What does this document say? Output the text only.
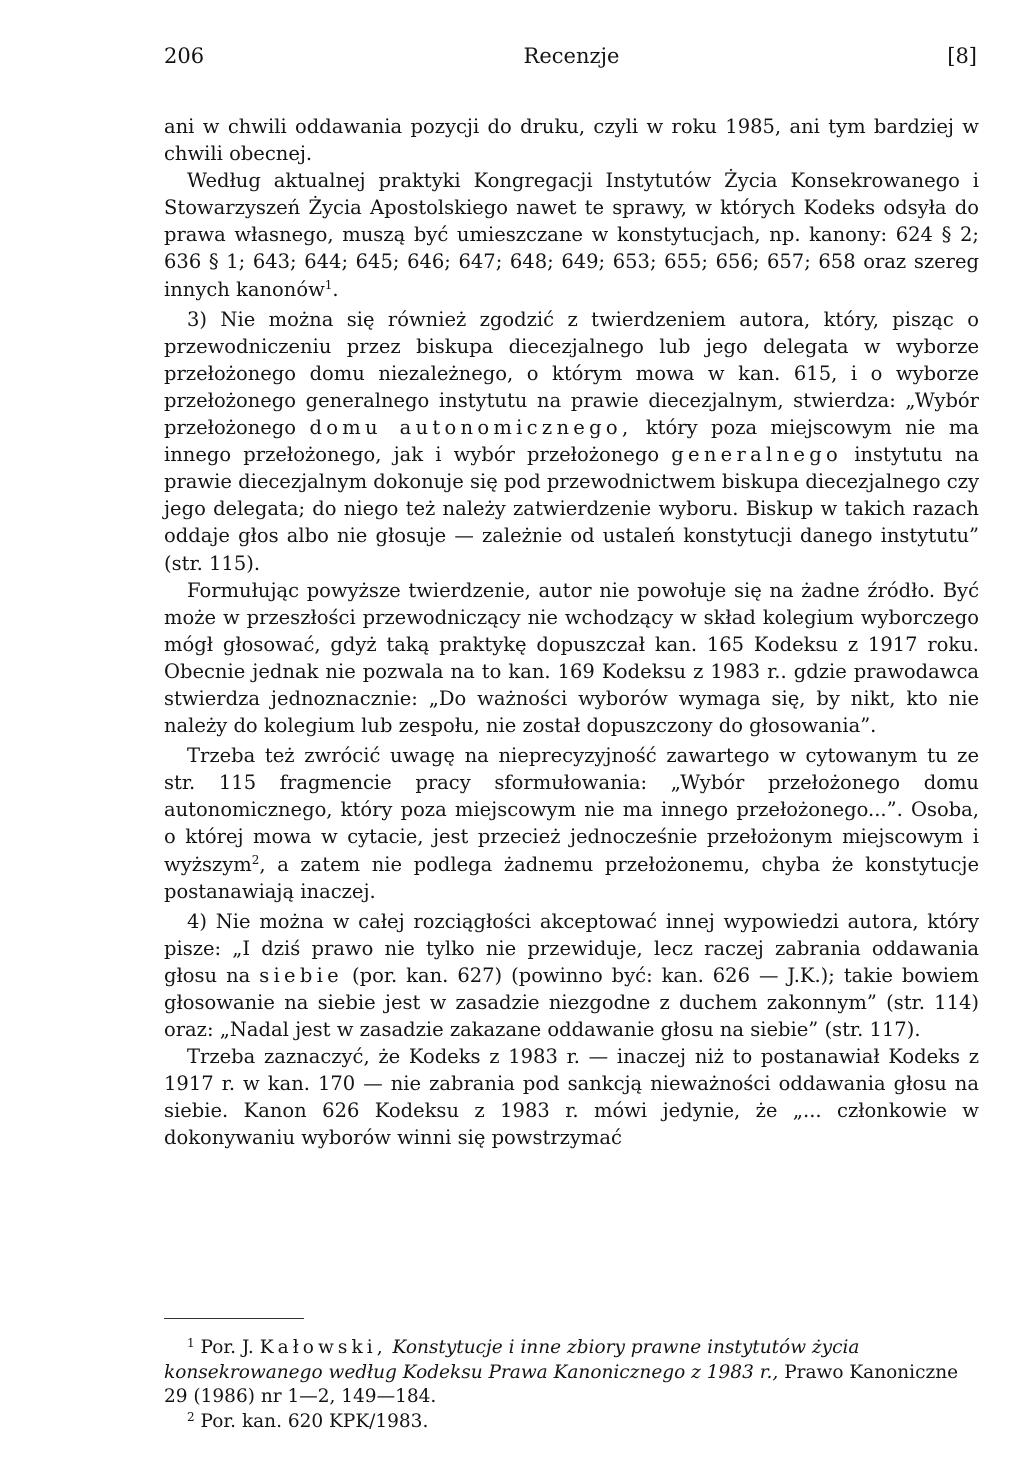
206	Recenzje	[8]

ani w chwili oddawania pozycji do druku, czyli w roku 1985, ani tym bardziej w chwili obecnej.

Według aktualnej praktyki Kongregacji Instytutów Życia Konsekrowanego i Stowarzyszeń Życia Apostolskiego nawet te sprawy, w których Kodeks odsyła do prawa własnego, muszą być umieszczane w konstytucjach, np. kanony: 624 § 2; 636 § 1; 643; 644; 645; 646; 647; 648; 649; 653; 655; 656; 657; 658 oraz szereg innych kanonów$^1$.

3) Nie można się również zgodzić z twierdzeniem autora, który, pisząc o przewodniczeniu przez biskupa diecezjalnego lub jego delegata w wyborze przełożonego domu niezależnego, o którym mowa w kan. 615, i o wyborze przełożonego generalnego instytutu na prawie diecezjalnym, stwierdza: „Wybór przełożonego domu autonomicznego, który poza miejscowym nie ma innego przełożonego, jak i wybór przełożonego generalnego instytutu na prawie diecezjalnym dokonuje się pod przewodnictwem biskupa diecezjalnego czy jego delegata; do niego też należy zatwierdzenie wyboru. Biskup w takich razach oddaje głos albo nie głosuje — zależnie od ustaleń konstytucji danego instytutu” (str. 115).

Formułując powyższe twierdzenie, autor nie powołuje się na żadne źródło. Być może w przeszłości przewodniczący nie wchodzący w skład kolegium wyborczego mógł głosować, gdyż taką praktykę dopuszczał kan. 165 Kodeksu z 1917 roku. Obecnie jednak nie pozwala na to kan. 169 Kodeksu z 1983 r.. gdzie prawodawca stwierdza jednoznacznie: „Do ważności wyborów wymaga się, by nikt, kto nie należy do kolegium lub zespołu, nie został dopuszczony do głosowania”.

Trzeba też zwrócić uwagę na nieprecyzyjność zawartego w cytowanym tu ze str. 115 fragmencie pracy sformułowania: „Wybór przełożonego domu autonomicznego, który poza miejscowym nie ma innego przełożonego...”. Osoba, o której mowa w cytacie, jest przecież jednocześnie przełożonym miejscowym i wyższym$^2$, a zatem nie podlega żadnemu przełożonemu, chyba że konstytucje postanawiają inaczej.

4) Nie można w całej rozciągłości akceptować innej wypowiedzi autora, który pisze: „I dziś prawo nie tylko nie przewiduje, lecz raczej zabrania oddawania głosu na siebie (por. kan. 627) (powinno być: kan. 626 — J.K.); takie bowiem głosowanie na siebie jest w zasadzie niezgodne z duchem zakonnym” (str. 114) oraz: „Nadal jest w zasadzie zakazane oddawanie głosu na siebie” (str. 117).

Trzeba zaznaczyć, że Kodeks z 1983 r. — inaczej niż to postanawiał Kodeks z 1917 r. w kan. 170 — nie zabrania pod sankcją nieważności oddawania głosu na siebie. Kanon 626 Kodeksu z 1983 r. mówi jedynie, że „... członkowie w dokonywaniu wyborów winni się powstrzymać

$^1$ Por. J. Kałowski, Konstytucje i inne zbiory prawne instytutów życia konsekrowanego według Kodeksu Prawa Kanonicznego z 1983 r., Prawo Kanoniczne 29 (1986) nr 1—2, 149—184.

$^2$ Por. kan. 620 KPK/1983.
